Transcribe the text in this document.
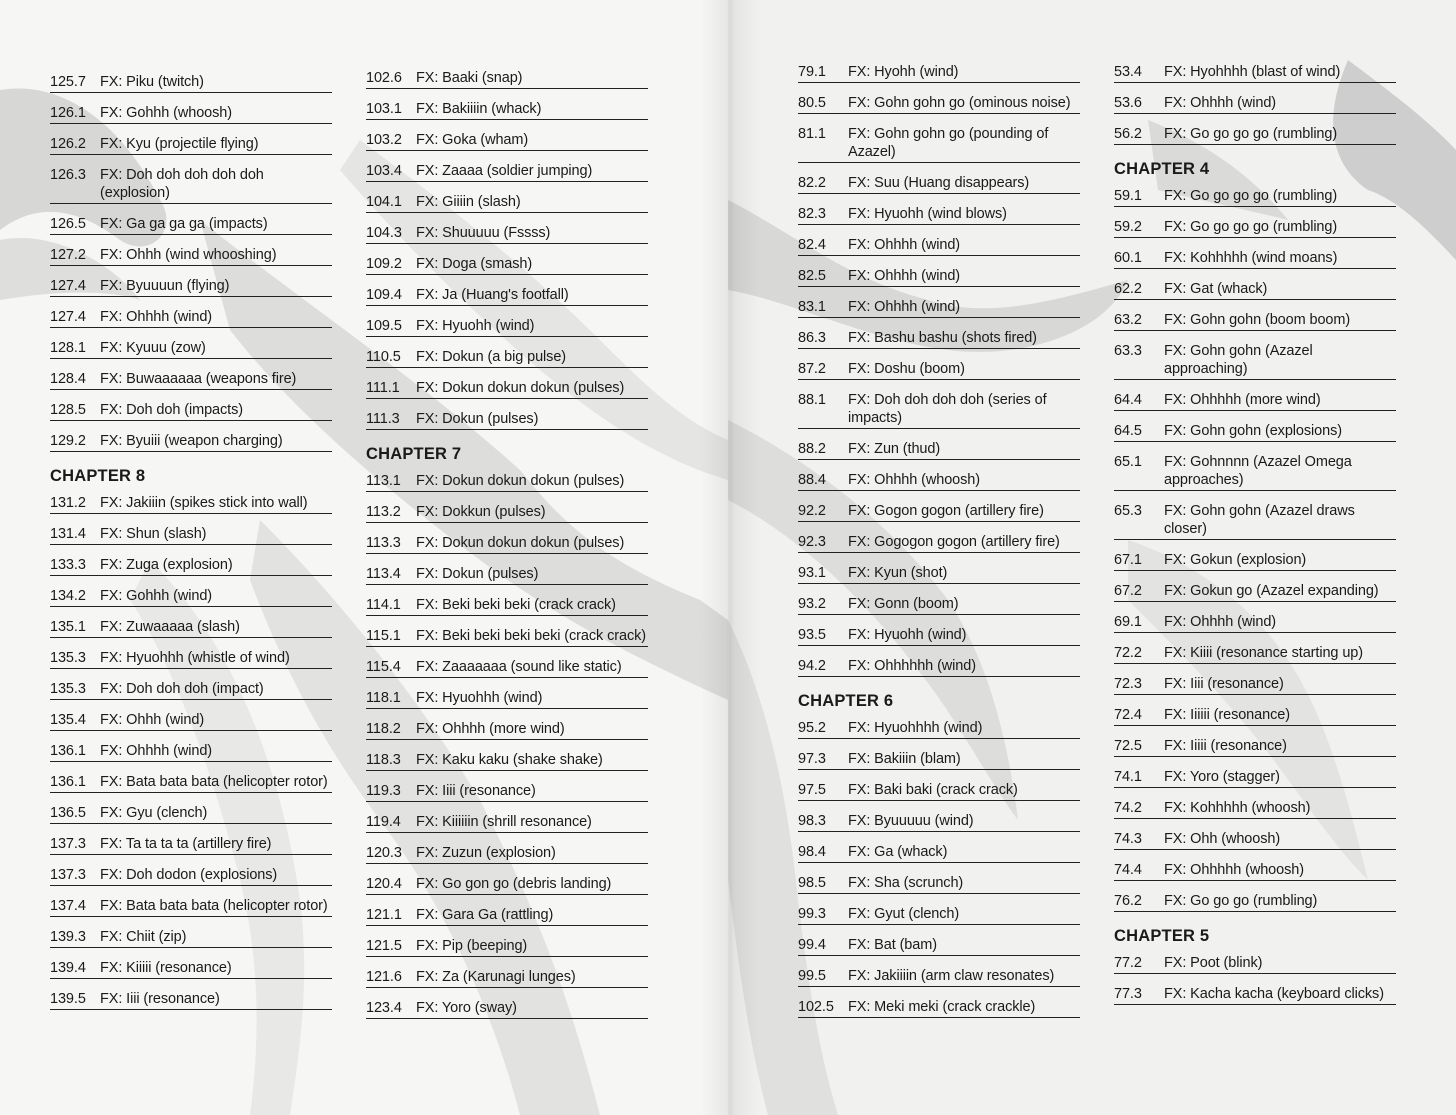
125.7 FX: Piku (twitch)
126.1 FX: Gohhh (whoosh)
126.2 FX: Kyu (projectile flying)
126.3 FX: Doh doh doh doh doh (explosion)
126.5 FX: Ga ga ga ga (impacts)
127.2 FX: Ohhh (wind whooshing)
127.4 FX: Byuuuun (flying)
127.4 FX: Ohhhh (wind)
128.1 FX: Kyuuu (zow)
128.4 FX: Buwaaaaaa (weapons fire)
128.5 FX: Doh doh (impacts)
129.2 FX: Byuiii (weapon charging)
CHAPTER 8
131.2 FX: Jakiiin (spikes stick into wall)
131.4 FX: Shun (slash)
133.3 FX: Zuga (explosion)
134.2 FX: Gohhh (wind)
135.1 FX: Zuwaaaaa (slash)
135.3 FX: Hyuohhh (whistle of wind)
135.3 FX: Doh doh doh (impact)
135.4 FX: Ohhh (wind)
136.1 FX: Ohhhh (wind)
136.1 FX: Bata bata bata (helicopter rotor)
136.5 FX: Gyu (clench)
137.3 FX: Ta ta ta ta (artillery fire)
137.3 FX: Doh dodon (explosions)
137.4 FX: Bata bata bata (helicopter rotor)
139.3 FX: Chiit (zip)
139.4 FX: Kiiiii (resonance)
139.5 FX: Iiii (resonance)
102.6 FX: Baaki (snap)
103.1 FX: Bakiiiin (whack)
103.2 FX: Goka (wham)
103.4 FX: Zaaaa (soldier jumping)
104.1 FX: Giiiin (slash)
104.3 FX: Shuuuuu (Fssss)
109.2 FX: Doga (smash)
109.4 FX: Ja (Huang's footfall)
109.5 FX: Hyuohh (wind)
110.5	FX: Dokun (a big pulse)
111.1	FX: Dokun dokun dokun (pulses)
111.3	FX: Dokun (pulses)
CHAPTER 7
113.1	FX: Dokun dokun dokun (pulses)
113.2	FX: Dokkun (pulses)
113.3	FX: Dokun dokun dokun (pulses)
113.4	FX: Dokun (pulses)
114.1	FX: Beki beki beki (crack crack)
115.1	FX: Beki beki beki beki (crack crack)
115.4	FX: Zaaaaaaa (sound like static)
118.1	FX: Hyuohhh (wind)
118.2	FX: Ohhhh (more wind)
118.3	FX: Kaku kaku (shake shake)
119.3	FX: Iiii (resonance)
119.4	FX: Kiiiiiin (shrill resonance)
120.3 FX: Zuzun (explosion)
120.4 FX: Go gon go (debris landing)
121.1 FX: Gara Ga (rattling)
121.5 FX: Pip (beeping)
121.6 FX: Za (Karunagi lunges)
123.4 FX: Yoro (sway)
79.1	FX: Hyohh (wind)
80.5	FX: Gohn gohn go (ominous noise)
81.1	FX: Gohn gohn go (pounding of Azazel)
82.2	FX: Suu (Huang disappears)
82.3	FX: Hyuohh (wind blows)
82.4	FX: Ohhhh (wind)
82.5	FX: Ohhhh (wind)
83.1	FX: Ohhhh (wind)
86.3	FX: Bashu bashu (shots fired)
87.2	FX: Doshu (boom)
88.1	FX: Doh doh doh doh (series of impacts)
88.2	FX: Zun (thud)
88.4	FX: Ohhhh (whoosh)
92.2	FX: Gogon gogon (artillery fire)
92.3	FX: Gogogon gogon (artillery fire)
93.1	FX: Kyun (shot)
93.2	FX: Gonn (boom)
93.5	FX: Hyuohh (wind)
94.2	FX: Ohhhhhh (wind)
CHAPTER 6
95.2	FX: Hyuohhhh (wind)
97.3	FX: Bakiiin (blam)
97.5	FX: Baki baki (crack crack)
98.3	FX: Byuuuuu (wind)
98.4	FX: Ga (whack)
98.5	FX: Sha (scrunch)
99.3	FX: Gyut (clench)
99.4	FX: Bat (bam)
99.5	FX: Jakiiiin (arm claw resonates)
102.5 FX: Meki meki (crack crackle)
53.4	FX: Hyohhhh (blast of wind)
53.6	FX: Ohhhh (wind)
56.2	FX: Go go go go (rumbling)
CHAPTER 4
59.1	FX: Go go go go (rumbling)
59.2	FX: Go go go go (rumbling)
60.1	FX: Kohhhhh (wind moans)
62.2	FX: Gat (whack)
63.2	FX: Gohn gohn (boom boom)
63.3	FX: Gohn gohn (Azazel approaching)
64.4	FX: Ohhhhh (more wind)
64.5	FX: Gohn gohn (explosions)
65.1	FX: Gohnnnn (Azazel Omega approaches)
65.3	FX: Gohn gohn (Azazel draws closer)
67.1	FX: Gokun (explosion)
67.2	FX: Gokun go (Azazel expanding)
69.1	FX: Ohhhh (wind)
72.2	FX: Kiiii (resonance starting up)
72.3	FX: Iiii (resonance)
72.4	FX: Iiiiii (resonance)
72.5	FX: Iiiii (resonance)
74.1	FX: Yoro (stagger)
74.2	FX: Kohhhhh (whoosh)
74.3	FX: Ohh (whoosh)
74.4	FX: Ohhhhh (whoosh)
76.2	FX: Go go go (rumbling)
CHAPTER 5
77.2	FX: Poot (blink)
77.3	FX: Kacha kacha (keyboard clicks)
